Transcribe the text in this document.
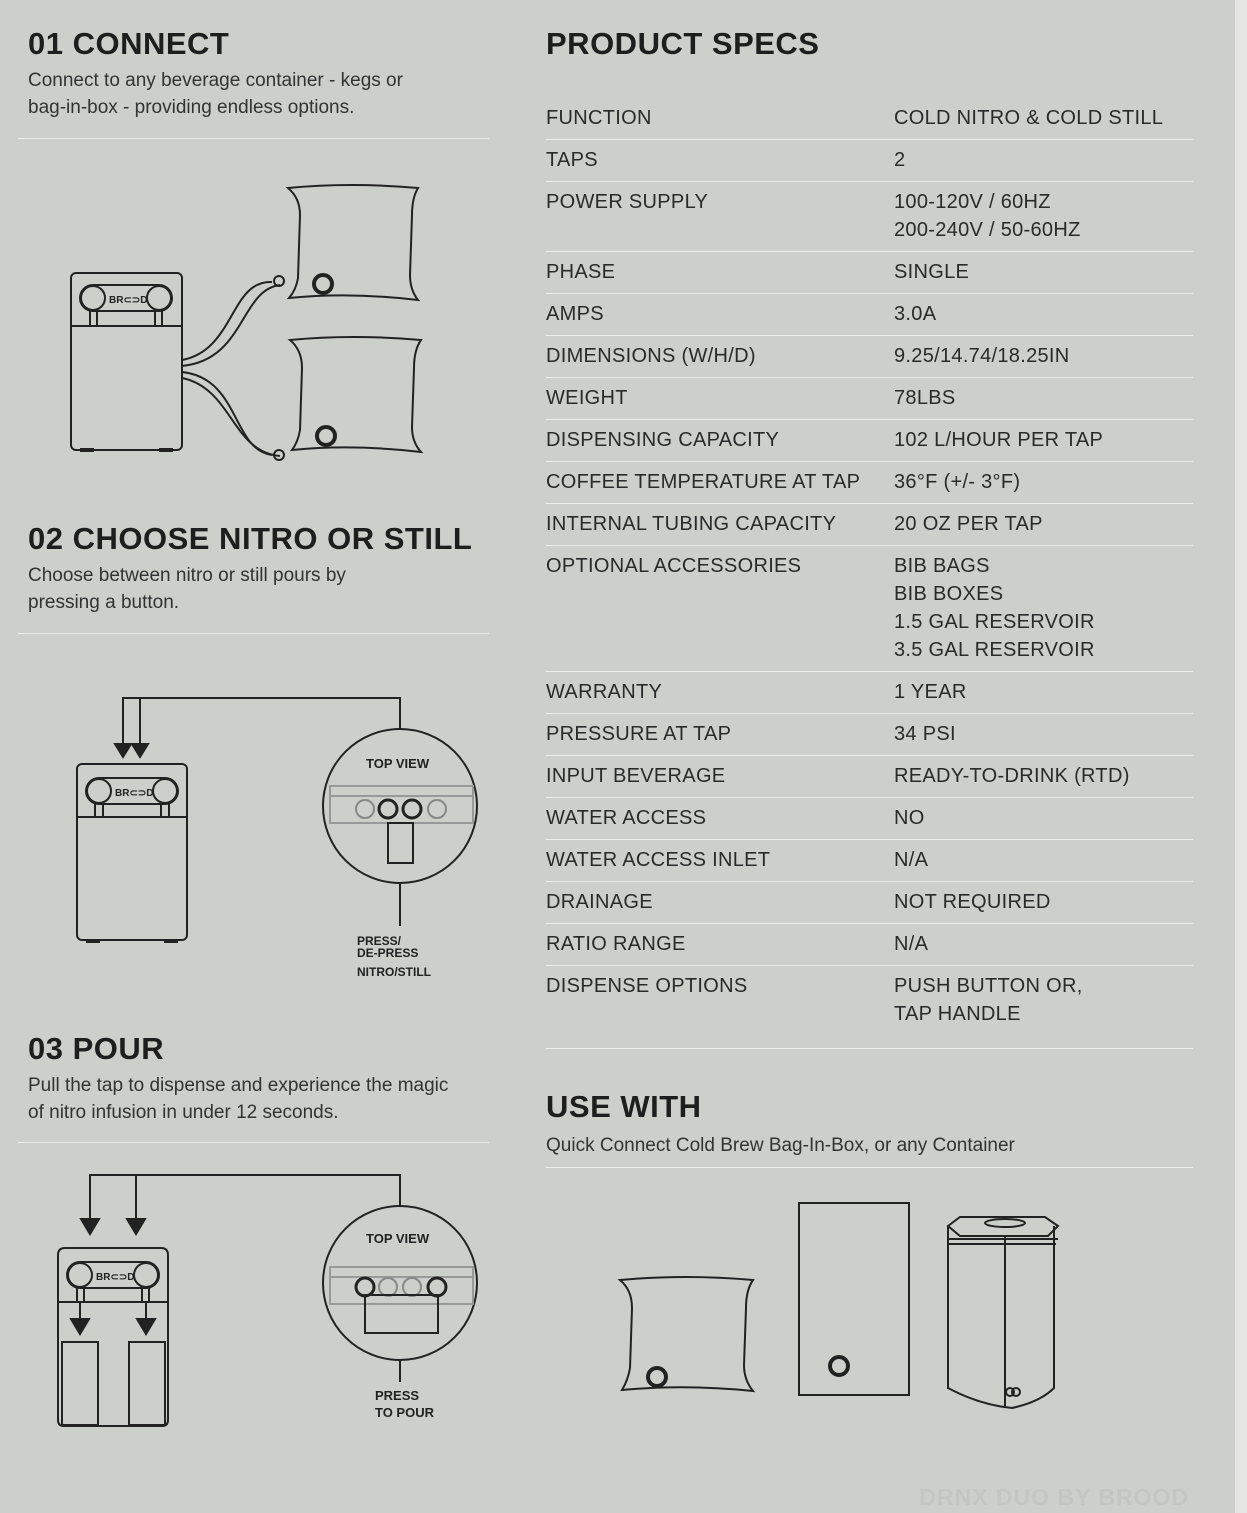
01 CONNECT

Connect to any beverage container - kegs or
bag-in-box - providing endless options.

BR⊂⊃D
02 CHOOSE NITRO OR STILL

Choose between nitro or still pours by
pressing a button.

BR⊂⊃D
TOP VIEW
PRESS/
DE-PRESS
NITRO/STILL
03 POUR

Pull the tap to dispense and experience the magic
of nitro infusion in under 12 seconds.

BR⊂⊃D
TOP VIEW
PRESS
TO POUR
PRODUCT SPECS
FUNCTION	COLD NITRO & COLD STILL
TAPS	2
POWER SUPPLY	100-120V / 60HZ
200-240V / 50-60HZ
PHASE	SINGLE
AMPS	3.0A
DIMENSIONS (W/H/D)	9.25/14.74/18.25IN
WEIGHT	78LBS
DISPENSING CAPACITY	102 L/HOUR PER TAP
COFFEE TEMPERATURE AT TAP	36°F (+/- 3°F)
INTERNAL TUBING CAPACITY	20 OZ PER TAP
OPTIONAL ACCESSORIES	BIB BAGS
BIB BOXES
1.5 GAL RESERVOIR
3.5 GAL RESERVOIR
WARRANTY	1 YEAR
PRESSURE AT TAP	34 PSI
INPUT BEVERAGE	READY-TO-DRINK (RTD)
WATER ACCESS	NO
WATER ACCESS INLET	N/A
DRAINAGE	NOT REQUIRED
RATIO RANGE	N/A
DISPENSE OPTIONS	PUSH BUTTON OR,
TAP HANDLE
USE WITH

Quick Connect Cold Brew Bag-In-Box, or any Container

DRNX DUO BY BROOD
